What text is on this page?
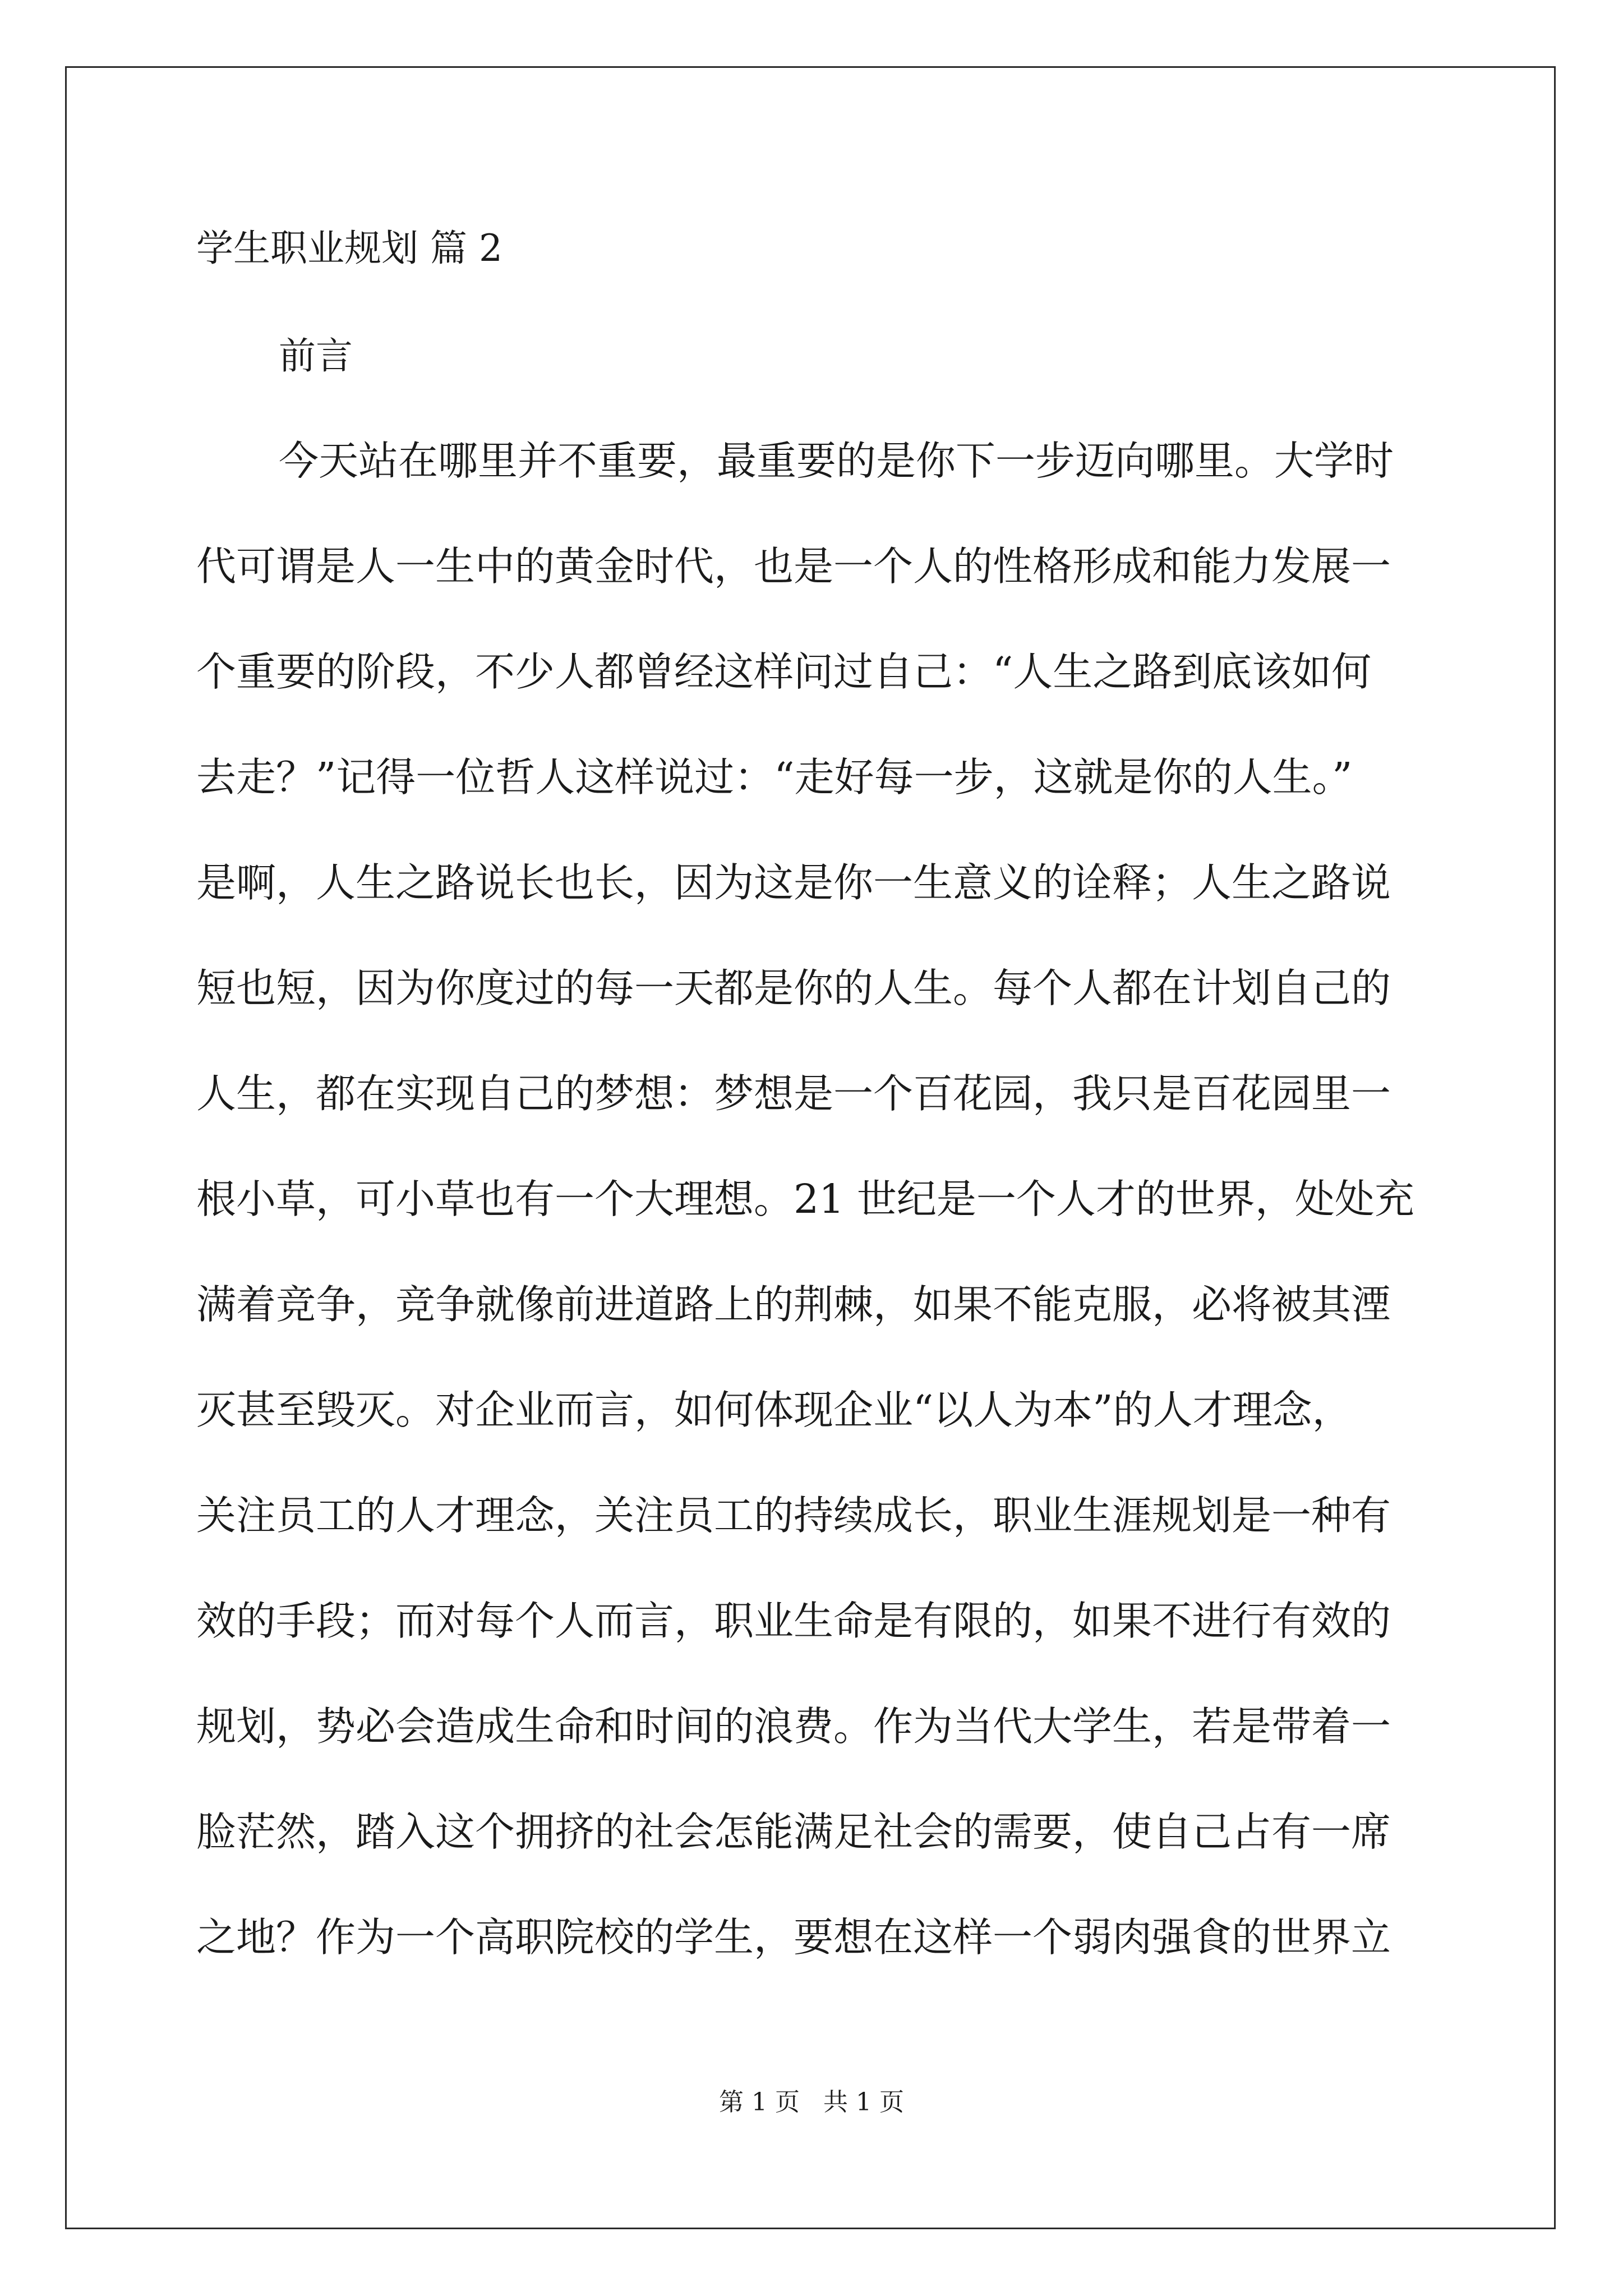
学生职业规划 篇 2
前言
今天站在哪里并不重要，最重要的是你下一步迈向哪里。大学时
代可谓是人一生中的黄金时代，也是一个人的性格形成和能力发展一
个重要的阶段，不少人都曾经这样问过自己：“人生之路到底该如何
去走？”记得一位哲人这样说过：“走好每一步，这就是你的人生。”
是啊，人生之路说长也长，因为这是你一生意义的诠释；人生之路说
短也短，因为你度过的每一天都是你的人生。每个人都在计划自己的
人生，都在实现自己的梦想：梦想是一个百花园，我只是百花园里一
根小草，可小草也有一个大理想。21 世纪是一个人才的世界，处处充
满着竞争，竞争就像前进道路上的荆棘，如果不能克服，必将被其湮
灭甚至毁灭。对企业而言，如何体现企业“以人为本”的人才理念，
关注员工的人才理念，关注员工的持续成长，职业生涯规划是一种有
效的手段；而对每个人而言，职业生命是有限的，如果不进行有效的
规划，势必会造成生命和时间的浪费。作为当代大学生，若是带着一
脸茫然，踏入这个拥挤的社会怎能满足社会的需要，使自己占有一席
之地？作为一个高职院校的学生，要想在这样一个弱肉强食的世界立
第 1 页   共 1 页
